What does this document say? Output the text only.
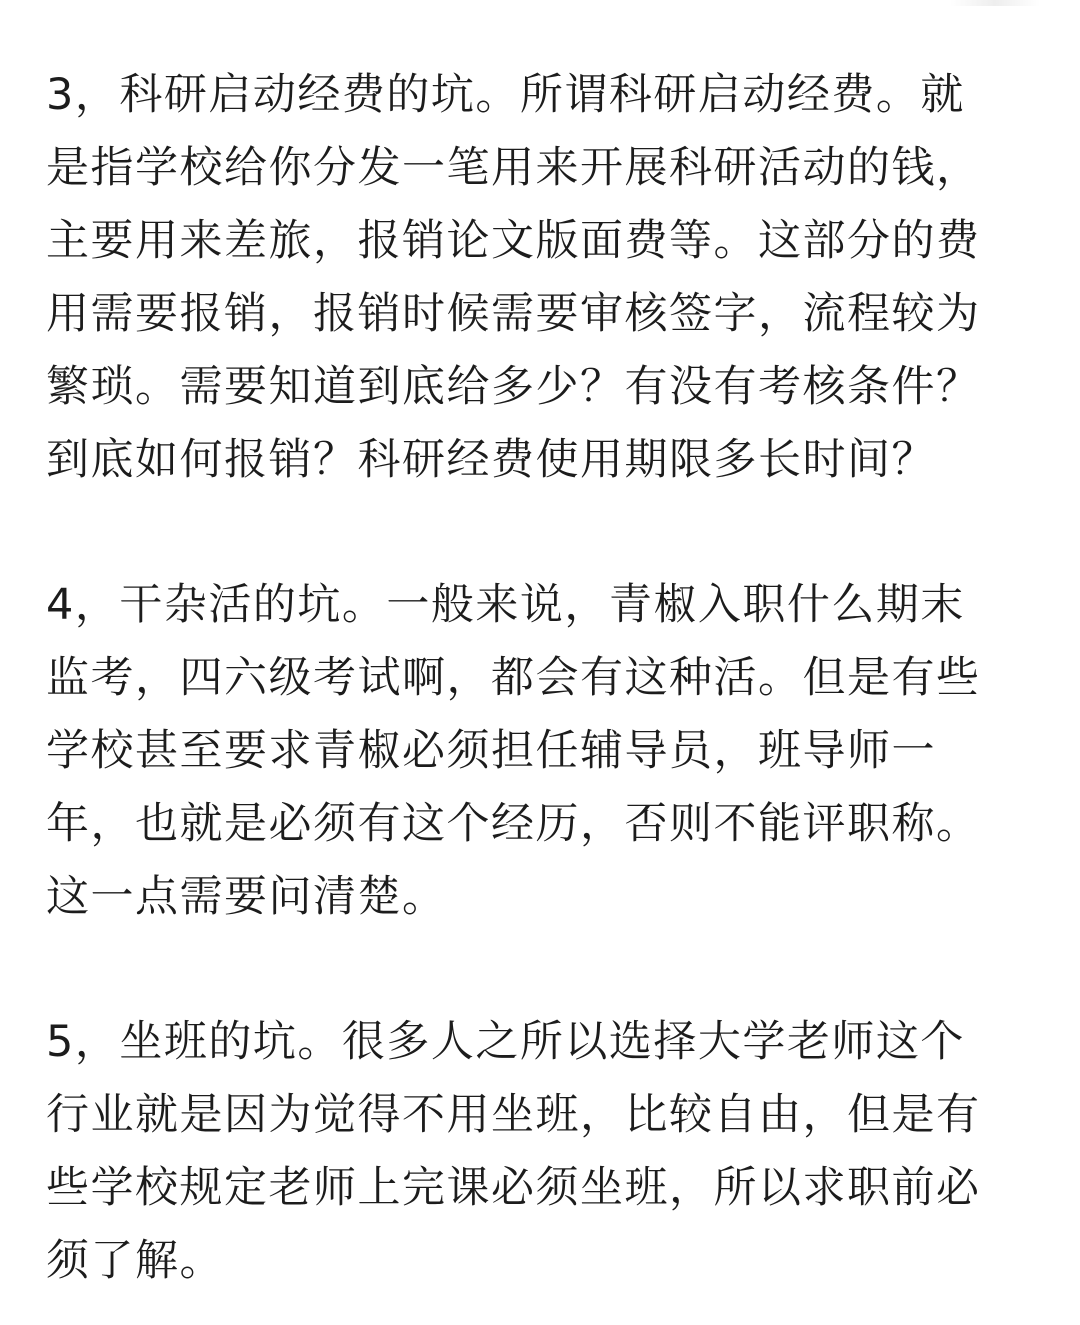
3，科研启动经费的坑。所谓科研启动经费。就
是指学校给你分发一笔用来开展科研活动的钱，
主要用来差旅，报销论文版面费等。这部分的费
用需要报销，报销时候需要审核签字，流程较为
繁琐。需要知道到底给多少？有没有考核条件？
到底如何报销？科研经费使用期限多长时间？

4，干杂活的坑。一般来说，青椒入职什么期末
监考，四六级考试啊，都会有这种活。但是有些
学校甚至要求青椒必须担任辅导员，班导师一
年，也就是必须有这个经历，否则不能评职称。
这一点需要问清楚。

5，坐班的坑。很多人之所以选择大学老师这个
行业就是因为觉得不用坐班，比较自由，但是有
些学校规定老师上完课必须坐班，所以求职前必
须了解。
